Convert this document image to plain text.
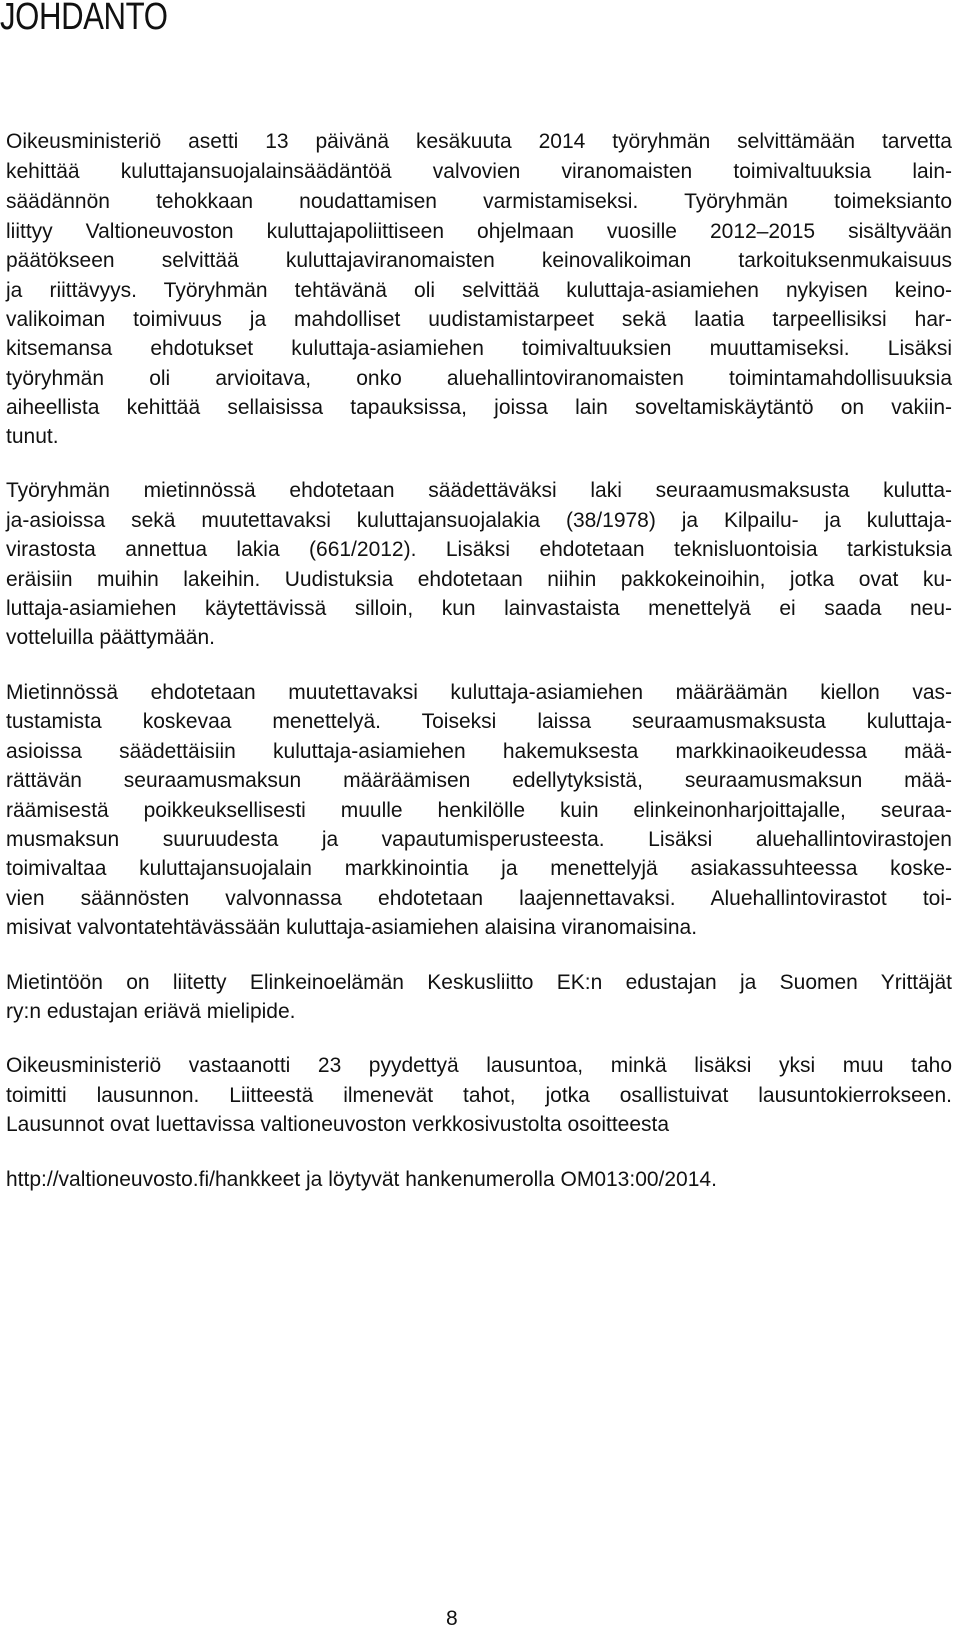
JOHDANTO
Oikeusministeriö asetti 13 päivänä kesäkuuta 2014 työryhmän selvittämään tarvetta
kehittää kuluttajansuojalainsäädäntöä valvovien viranomaisten toimivaltuuksia lain-
säädännön tehokkaan noudattamisen varmistamiseksi. Työryhmän toimeksianto
liittyy Valtioneuvoston kuluttajapoliittiseen ohjelmaan vuosille 2012–2015 sisältyvään
päätökseen selvittää kuluttajaviranomaisten keinovalikoiman tarkoituksenmukaisuus
ja riittävyys. Työryhmän tehtävänä oli selvittää kuluttaja-asiamiehen nykyisen keino-
valikoiman toimivuus ja mahdolliset uudistamistarpeet sekä laatia tarpeellisiksi har-
kitsemansa ehdotukset kuluttaja-asiamiehen toimivaltuuksien muuttamiseksi. Lisäksi
työryhmän oli arvioitava, onko aluehallintoviranomaisten toimintamahdollisuuksia
aiheellista kehittää sellaisissa tapauksissa, joissa lain soveltamiskäytäntö on vakiin-
tunut.
Työryhmän mietinnössä ehdotetaan säädettäväksi laki seuraamusmaksusta kulutta-
ja-asioissa sekä muutettavaksi kuluttajansuojalakia (38/1978) ja Kilpailu- ja kuluttaja-
virastosta annettua lakia (661/2012). Lisäksi ehdotetaan teknisluontoisia tarkistuksia
eräisiin muihin lakeihin. Uudistuksia ehdotetaan niihin pakkokeinoihin, jotka ovat ku-
luttaja-asiamiehen käytettävissä silloin, kun lainvastaista menettelyä ei saada neu-
votteluilla päättymään.
Mietinnössä ehdotetaan muutettavaksi kuluttaja-asiamiehen määräämän kiellon vas-
tustamista koskevaa menettelyä. Toiseksi laissa seuraamusmaksusta kuluttaja-
asioissa säädettäisiin kuluttaja-asiamiehen hakemuksesta markkinaoikeudessa mää-
rättävän seuraamusmaksun määräämisen edellytyksistä, seuraamusmaksun mää-
räämisestä poikkeuksellisesti muulle henkilölle kuin elinkeinonharjoittajalle, seuraa-
musmaksun suuruudesta ja vapautumisperusteesta. Lisäksi aluehallintovirastojen
toimivaltaa kuluttajansuojalain markkinointia ja menettelyjä asiakassuhteessa koske-
vien säännösten valvonnassa ehdotetaan laajennettavaksi. Aluehallintovirastot toi-
misivat valvontatehtävässään kuluttaja-asiamiehen alaisina viranomaisina.
Mietintöön on liitetty Elinkeinoelämän Keskusliitto EK:n edustajan ja Suomen Yrittäjät
ry:n edustajan eriävä mielipide.
Oikeusministeriö vastaanotti 23 pyydettyä lausuntoa, minkä lisäksi yksi muu taho
toimitti lausunnon. Liitteestä ilmenevät tahot, jotka osallistuivat lausuntokierrokseen.
Lausunnot ovat luettavissa valtioneuvoston verkkosivustolta osoitteesta
http://valtioneuvosto.fi/hankkeet ja löytyvät hankenumerolla OM013:00/2014.
8
